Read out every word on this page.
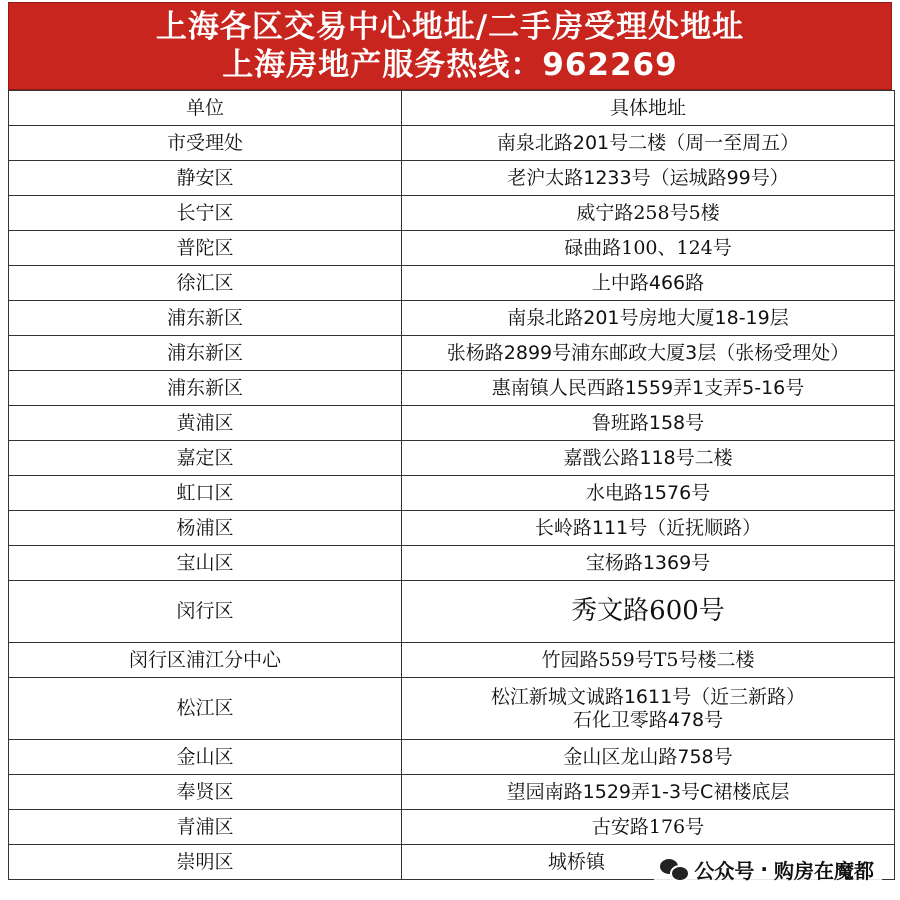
上海各区交易中心地址/二手房受理处地址
上海房地产服务热线：962269
单位	具体地址
市受理处	南泉北路201号二楼（周一至周五）
静安区	老沪太路1233号（运城路99号）
长宁区	威宁路258号5楼
普陀区	碌曲路100、124号
徐汇区	上中路466路
浦东新区	南泉北路201号房地大厦18-19层
浦东新区	张杨路2899号浦东邮政大厦3层（张杨受理处）
浦东新区	惠南镇人民西路1559弄1支弄5-16号
黄浦区	鲁班路158号
嘉定区	嘉戬公路118号二楼
虹口区	水电路1576号
杨浦区	长岭路111号（近抚顺路）
宝山区	宝杨路1369号
闵行区	秀文路600号
闵行区浦江分中心	竹园路559号T5号楼二楼
松江区	松江新城文诚路1611号（近三新路）
石化卫零路478号

金山区	金山区龙山路758号
奉贤区	望园南路1529弄1-3号C裙楼底层
青浦区	古安路176号
崇明区	城桥镇	公众号 · 购房在魔都
